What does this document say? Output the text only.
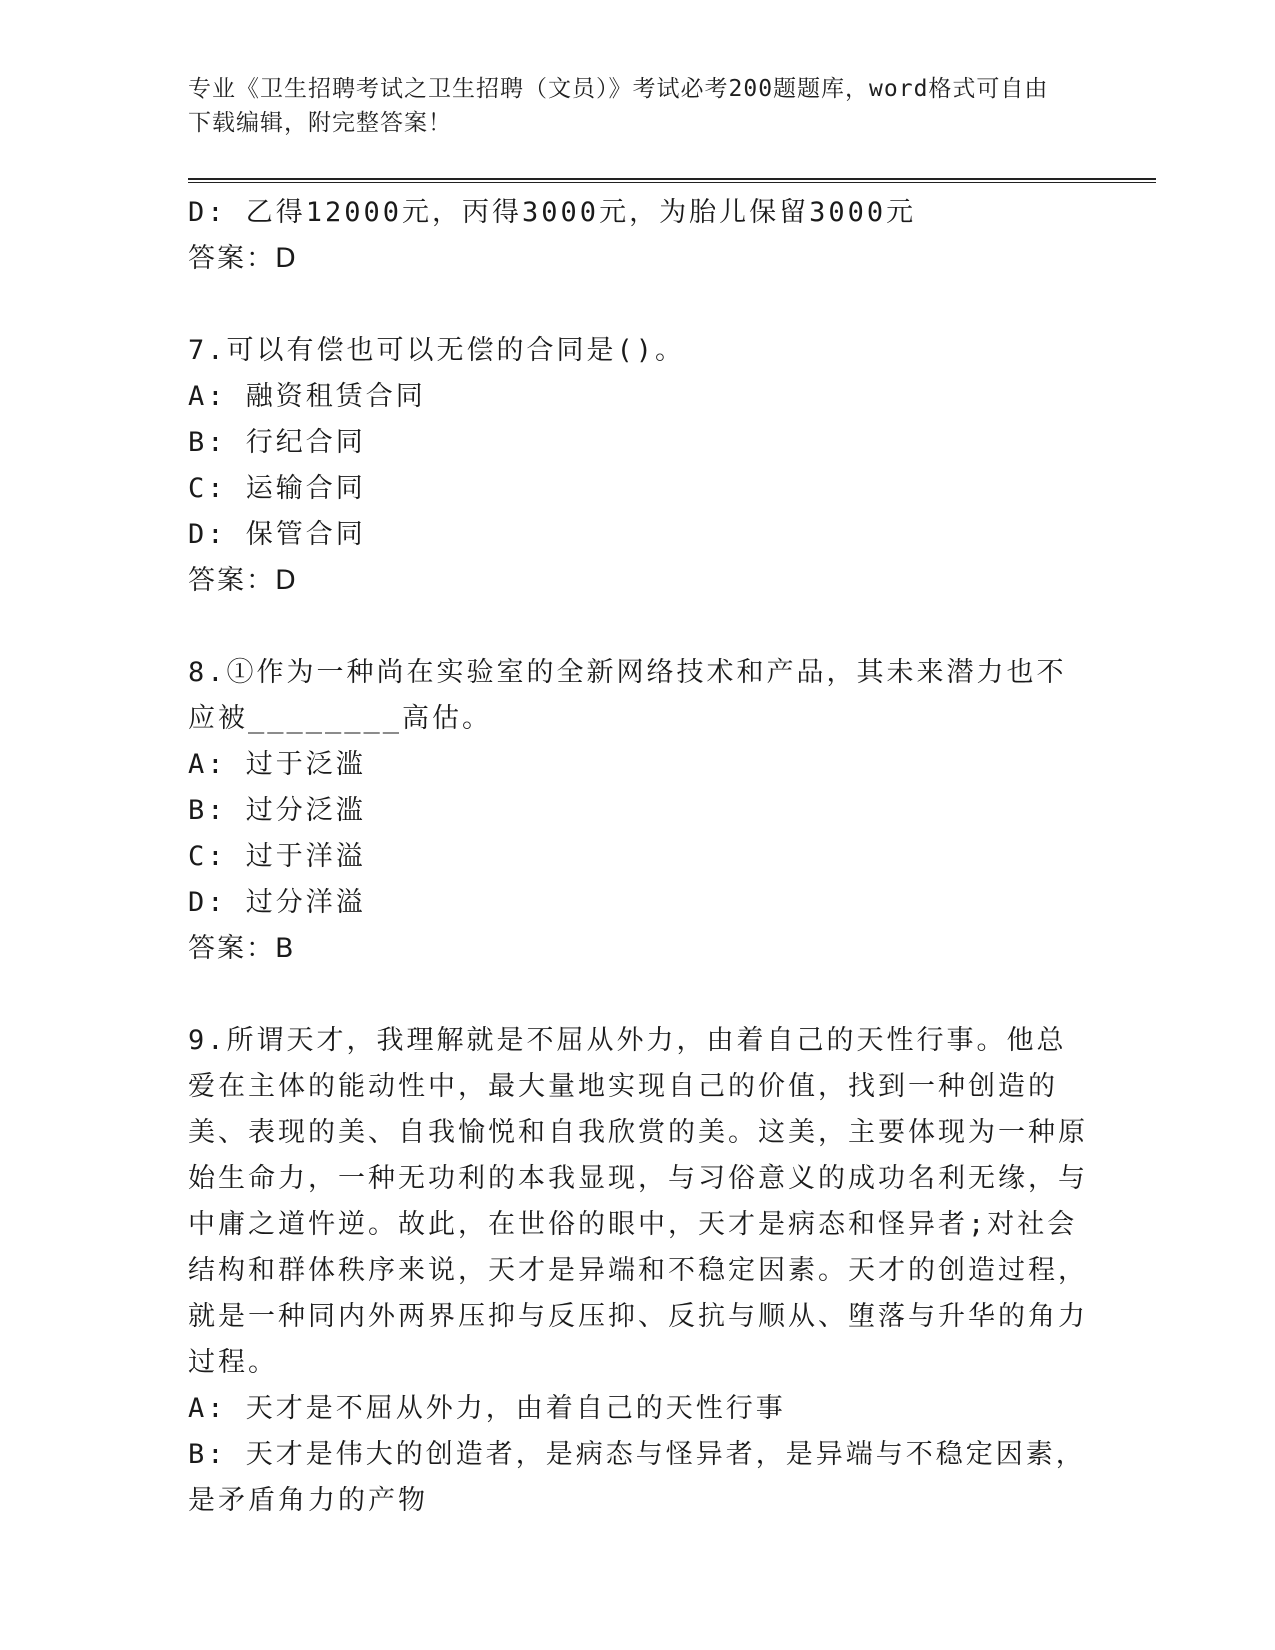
专业《卫生招聘考试之卫生招聘（文员）》考试必考200题题库，word格式可自由下载编辑，附完整答案！
D: 乙得12000元，丙得3000元，为胎儿保留3000元
答案：D
7.可以有偿也可以无偿的合同是()。
A: 融资租赁合同
B: 行纪合同
C: 运输合同
D: 保管合同
答案：D
8.①作为一种尚在实验室的全新网络技术和产品，其未来潜力也不应被________高估。
A: 过于泛滥
B: 过分泛滥
C: 过于洋溢
D: 过分洋溢
答案：B
9.所谓天才，我理解就是不屈从外力，由着自己的天性行事。他总爱在主体的能动性中，最大量地实现自己的价值，找到一种创造的美、表现的美、自我愉悦和自我欣赏的美。这美，主要体现为一种原始生命力，一种无功利的本我显现，与习俗意义的成功名利无缘，与中庸之道忤逆。故此，在世俗的眼中，天才是病态和怪异者;对社会结构和群体秩序来说，天才是异端和不稳定因素。天才的创造过程，就是一种同内外两界压抑与反压抑、反抗与顺从、堕落与升华的角力过程。
A: 天才是不屈从外力，由着自己的天性行事
B: 天才是伟大的创造者，是病态与怪异者，是异端与不稳定因素，是矛盾角力的产物
